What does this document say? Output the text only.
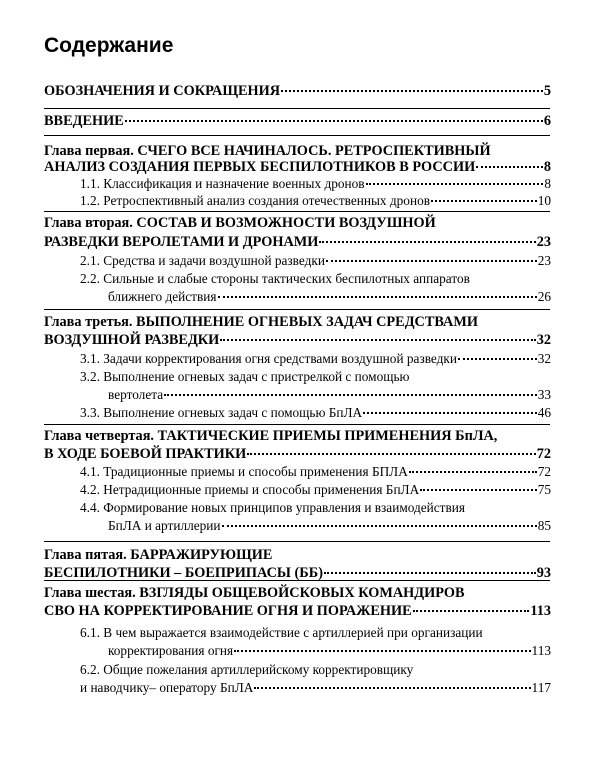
Содержание
ОБОЗНАЧЕНИЯ И СОКРАЩЕНИЯ	5
ВВЕДЕНИЕ	6
Глава первая. СЧЕГО ВСЕ НАЧИНАЛОСЬ. РЕТРОСПЕКТИВНЫЙ
АНАЛИЗ СОЗДАНИЯ ПЕРВЫХ БЕСПИЛОТНИКОВ В РОССИИ	8
1.1. Классификация и назначение военных дронов	8
1.2. Ретроспективный анализ создания отечественных дронов	10
Глава вторая. СОСТАВ И ВОЗМОЖНОСТИ ВОЗДУШНОЙ
РАЗВЕДКИ ВЕРОЛЕТАМИ И ДРОНАМИ	23
2.1. Средства и задачи воздушной разведки	23
2.2. Сильные и слабые стороны тактических беспилотных аппаратов
ближнего действия	26
Глава третья. ВЫПОЛНЕНИЕ ОГНЕВЫХ ЗАДАЧ СРЕДСТВАМИ
ВОЗДУШНОЙ РАЗВЕДКИ	32
3.1. Задачи корректирования огня средствами воздушной разведки	32
3.2. Выполнение огневых задач с пристрелкой с помощью
вертолета	33
3.3. Выполнение огневых задач с помощью БпЛА	46
Глава четвертая. ТАКТИЧЕСКИЕ ПРИЕМЫ ПРИМЕНЕНИЯ БпЛА,
В ХОДЕ БОЕВОЙ ПРАКТИКИ	72
4.1. Традиционные приемы и способы применения БПЛА	72
4.2. Нетрадиционные приемы и способы применения БпЛА	75
4.4. Формирование новых принципов управления и взаимодействия
БпЛА и артиллерии	85
Глава пятая. БАРРАЖИРУЮЩИЕ
БЕСПИЛОТНИКИ – БОЕПРИПАСЫ (ББ)	93
Глава шестая. ВЗГЛЯДЫ ОБЩЕВОЙСКОВЫХ КОМАНДИРОВ
СВО НА КОРРЕКТИРОВАНИЕ ОГНЯ И ПОРАЖЕНИЕ	113
6.1. В чем выражается взаимодействие с артиллерией при организации
корректирования огня	113
6.2. Общие пожелания артиллерийскому корректировщику
и наводчику– оператору БпЛА	117
